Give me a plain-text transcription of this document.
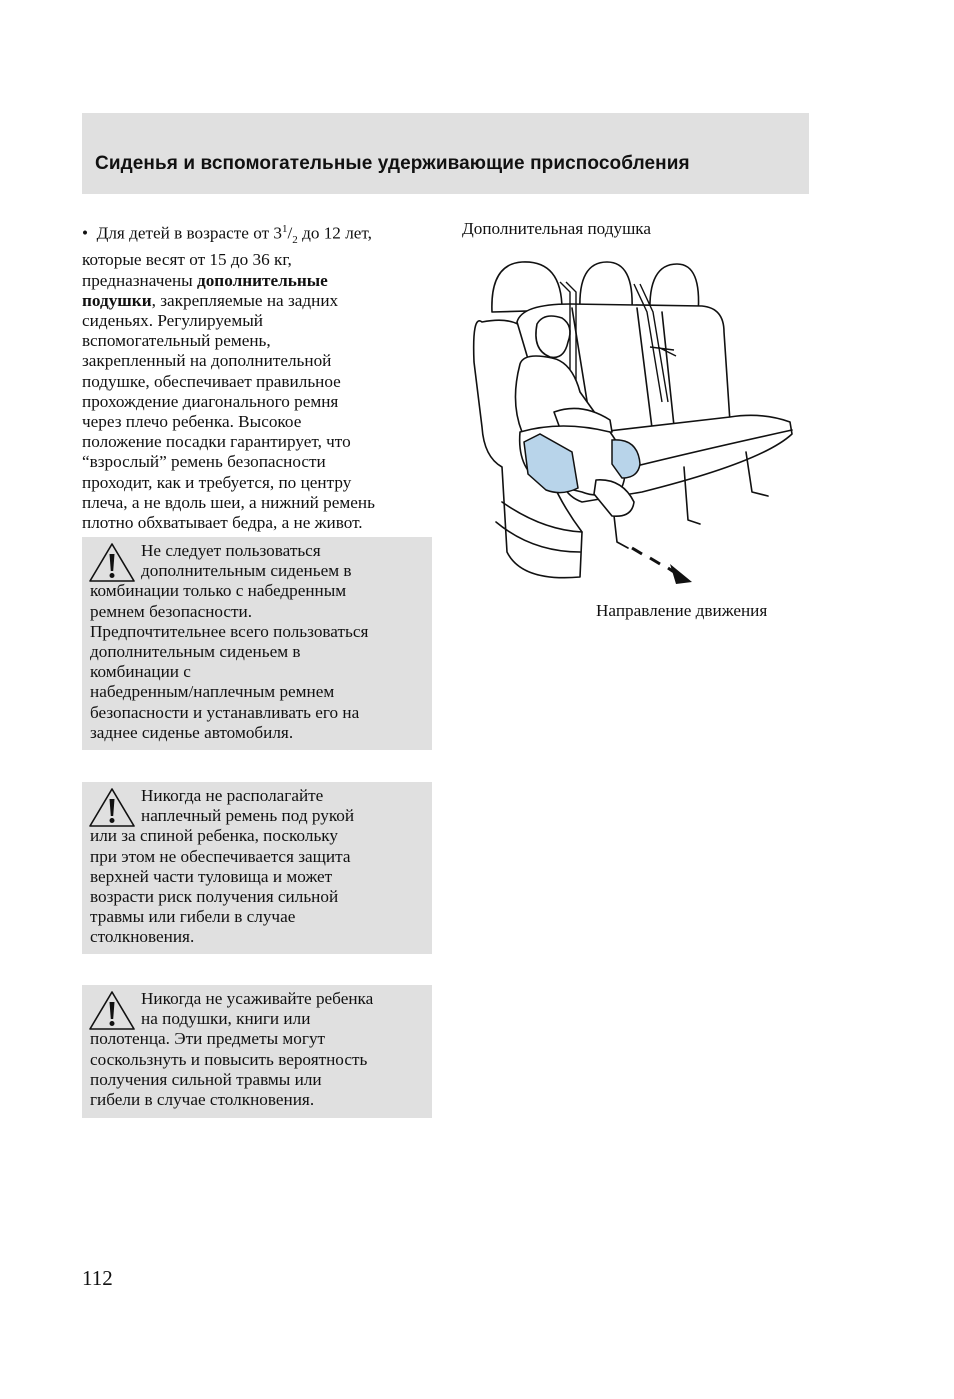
Сиденья и вспомогательные удерживающие приспособления
• Для детей в возрасте от $3^1/_2$ до 12 лет,
которые весят от 15 до 36 кг,
предназначены дополнительные
подушки, закрепляемые на задних
сиденьях. Регулируемый
вспомогательный ремень,
закрепленный на дополнительной
подушке, обеспечивает правильное
прохождение диагонального ремня
через плечо ребенка. Высокое
положение посадки гарантирует, что
“взрослый” ремень безопасности
проходит, как и требуется, по центру
плеча, а не вдоль шеи, а нижний ремень
плотно обхватывает бедра, а не живот.
Не следует пользоваться
дополнительным сиденьем в
комбинации только с набедренным
ремнем безопасности.
Предпочтительнее всего пользоваться
дополнительным сиденьем в
комбинации с
набедренным/наплечным ремнем
безопасности и устанавливать его на
заднее сиденье автомобиля.
Никогда не располагайте
наплечный ремень под рукой
или за спиной ребенка, поскольку
при этом не обеспечивается защита
верхней части туловища и может
возрасти риск получения сильной
травмы или гибели в случае
столкновения.
Никогда не усаживайте ребенка
на подушки, книги или
полотенца. Эти предметы могут
соскользнуть и повысить вероятность
получения сильной травмы или
гибели в случае столкновения.
Дополнительная подушка
Направление движения
112
